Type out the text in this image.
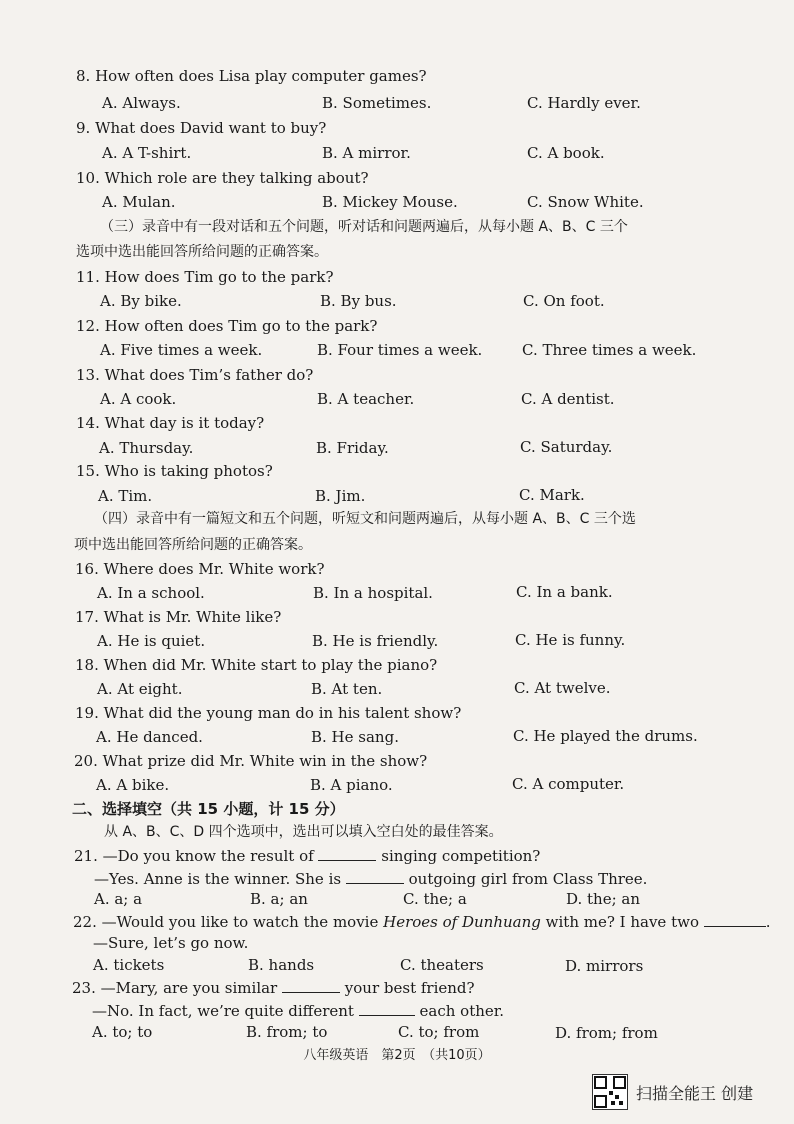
8. How often does Lisa play computer games?
A. Always.	B. Sometimes.	C. Hardly ever.
9. What does David want to buy?
A. A T-shirt.	B. A mirror.	C. A book.
10. Which role are they talking about?
A. Mulan.	B. Mickey Mouse.	C. Snow White.
（三）录音中有一段对话和五个问题，听对话和问题两遍后，从每小题 A、B、C 三个
选项中选出能回答所给问题的正确答案。
11. How does Tim go to the park?
A. By bike.	B. By bus.	C. On foot.
12. How often does Tim go to the park?
A. Five times a week.	B. Four times a week.	C. Three times a week.
13. What does Tim’s father do?
A. A cook.	B. A teacher.	C. A dentist.
14. What day is it today?
A. Thursday.	B. Friday.	C. Saturday.
15. Who is taking photos?
A. Tim.	B. Jim.	C. Mark.
（四）录音中有一篇短文和五个问题，听短文和问题两遍后，从每小题 A、B、C 三个选
项中选出能回答所给问题的正确答案。
16. Where does Mr. White work?
A. In a school.	B. In a hospital.	C. In a bank.
17. What is Mr. White like?
A. He is quiet.	B. He is friendly.	C. He is funny.
18. When did Mr. White start to play the piano?
A. At eight.	B. At ten.	C. At twelve.
19. What did the young man do in his talent show?
A. He danced.	B. He sang.	C. He played the drums.
20. What prize did Mr. White win in the show?
A. A bike.	B. A piano.	C. A computer.
二、选择填空（共 15 小题，计 15 分）
从 A、B、C、D 四个选项中，选出可以填入空白处的最佳答案。
21. —Do you know the result of	singing competition?
—Yes. Anne is the winner. She is	outgoing girl from Class Three.
A. a; a	B. a; an	C. the; a	D. the; an
22. —Would you like to watch the movie Heroes of Dunhuang with me? I have two	.
—Sure, let’s go now.
A. tickets	B. hands	C. theaters	D. mirrors
23. —Mary, are you similar	your best friend?
—No. In fact, we’re quite different	each other.
A. to; to	B. from; to	C. to; from	D. from; from
八年级英语　第2页　（共10页）
扫描全能王 创建
